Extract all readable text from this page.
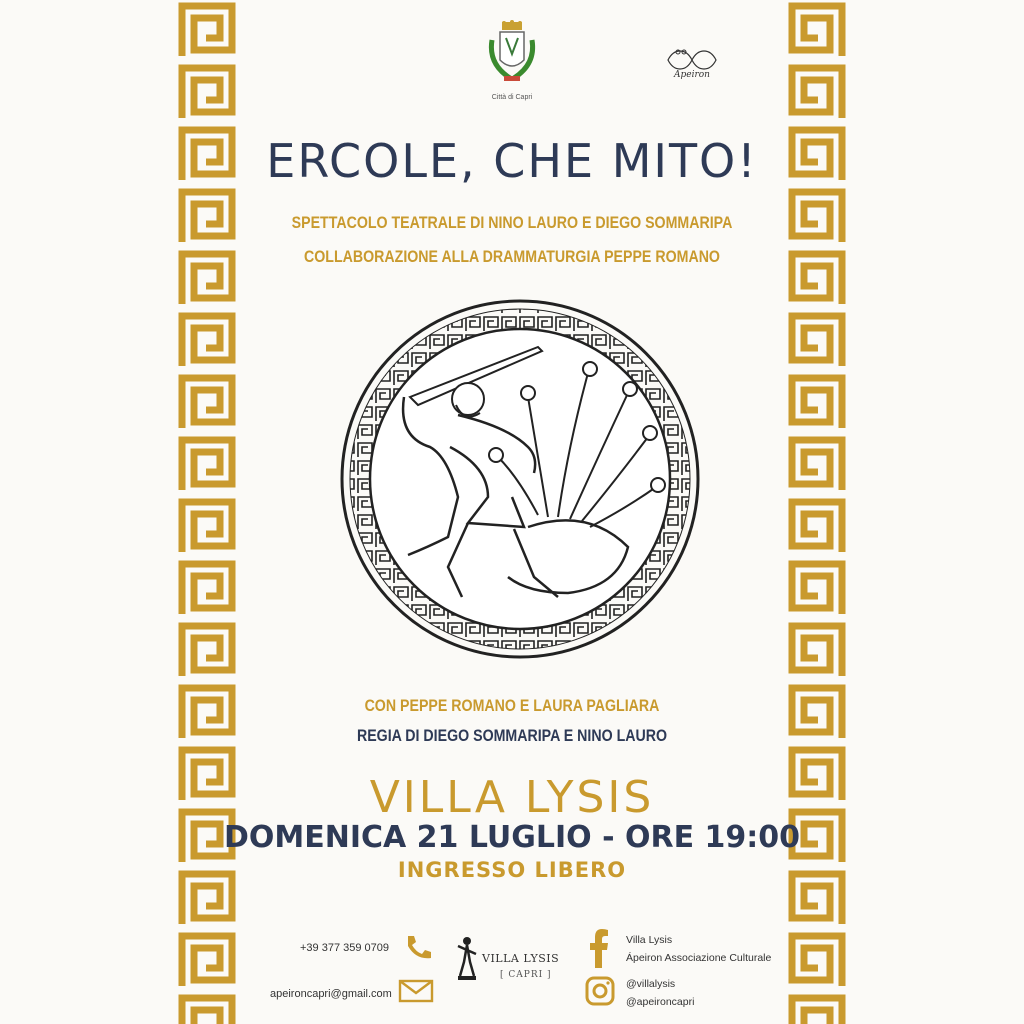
Città di Capri
Apeiron
ERCOLE, CHE MITO!
SPETTACOLO TEATRALE DI NINO LAURO E DIEGO SOMMARIPA
COLLABORAZIONE ALLA DRAMMATURGIA PEPPE ROMANO
CON PEPPE ROMANO E LAURA PAGLIARA
REGIA DI DIEGO SOMMARIPA E NINO LAURO
VILLA LYSIS
DOMENICA 21 LUGLIO - ORE 19:00
INGRESSO LIBERO
+39 377 359 0709
apeironcapri@gmail.com
VILLA LYSIS
[ CAPRI ]
Villa Lysis
Ápeiron Associazione Culturale
@villalysis
@apeironcapri
